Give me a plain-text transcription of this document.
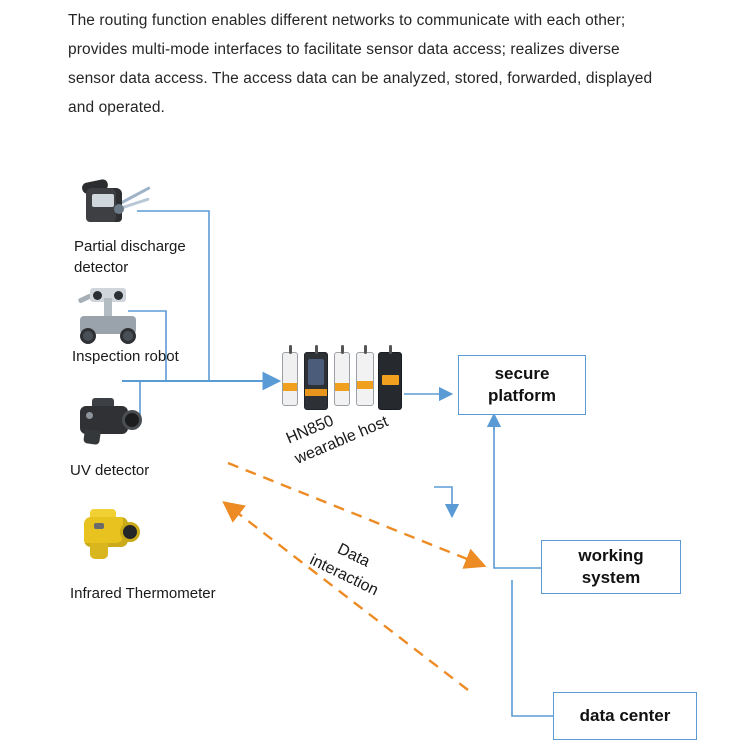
The routing function enables different networks to communicate with each other; provides multi-mode interfaces to facilitate sensor data access; realizes diverse sensor data access. The access data can be analyzed, stored, forwarded, displayed and operated.
Partial discharge detector
Inspection robot
UV detector
Infrared Thermometer
HN850
wearable host
Data
interaction
secure platform
working system
data center
